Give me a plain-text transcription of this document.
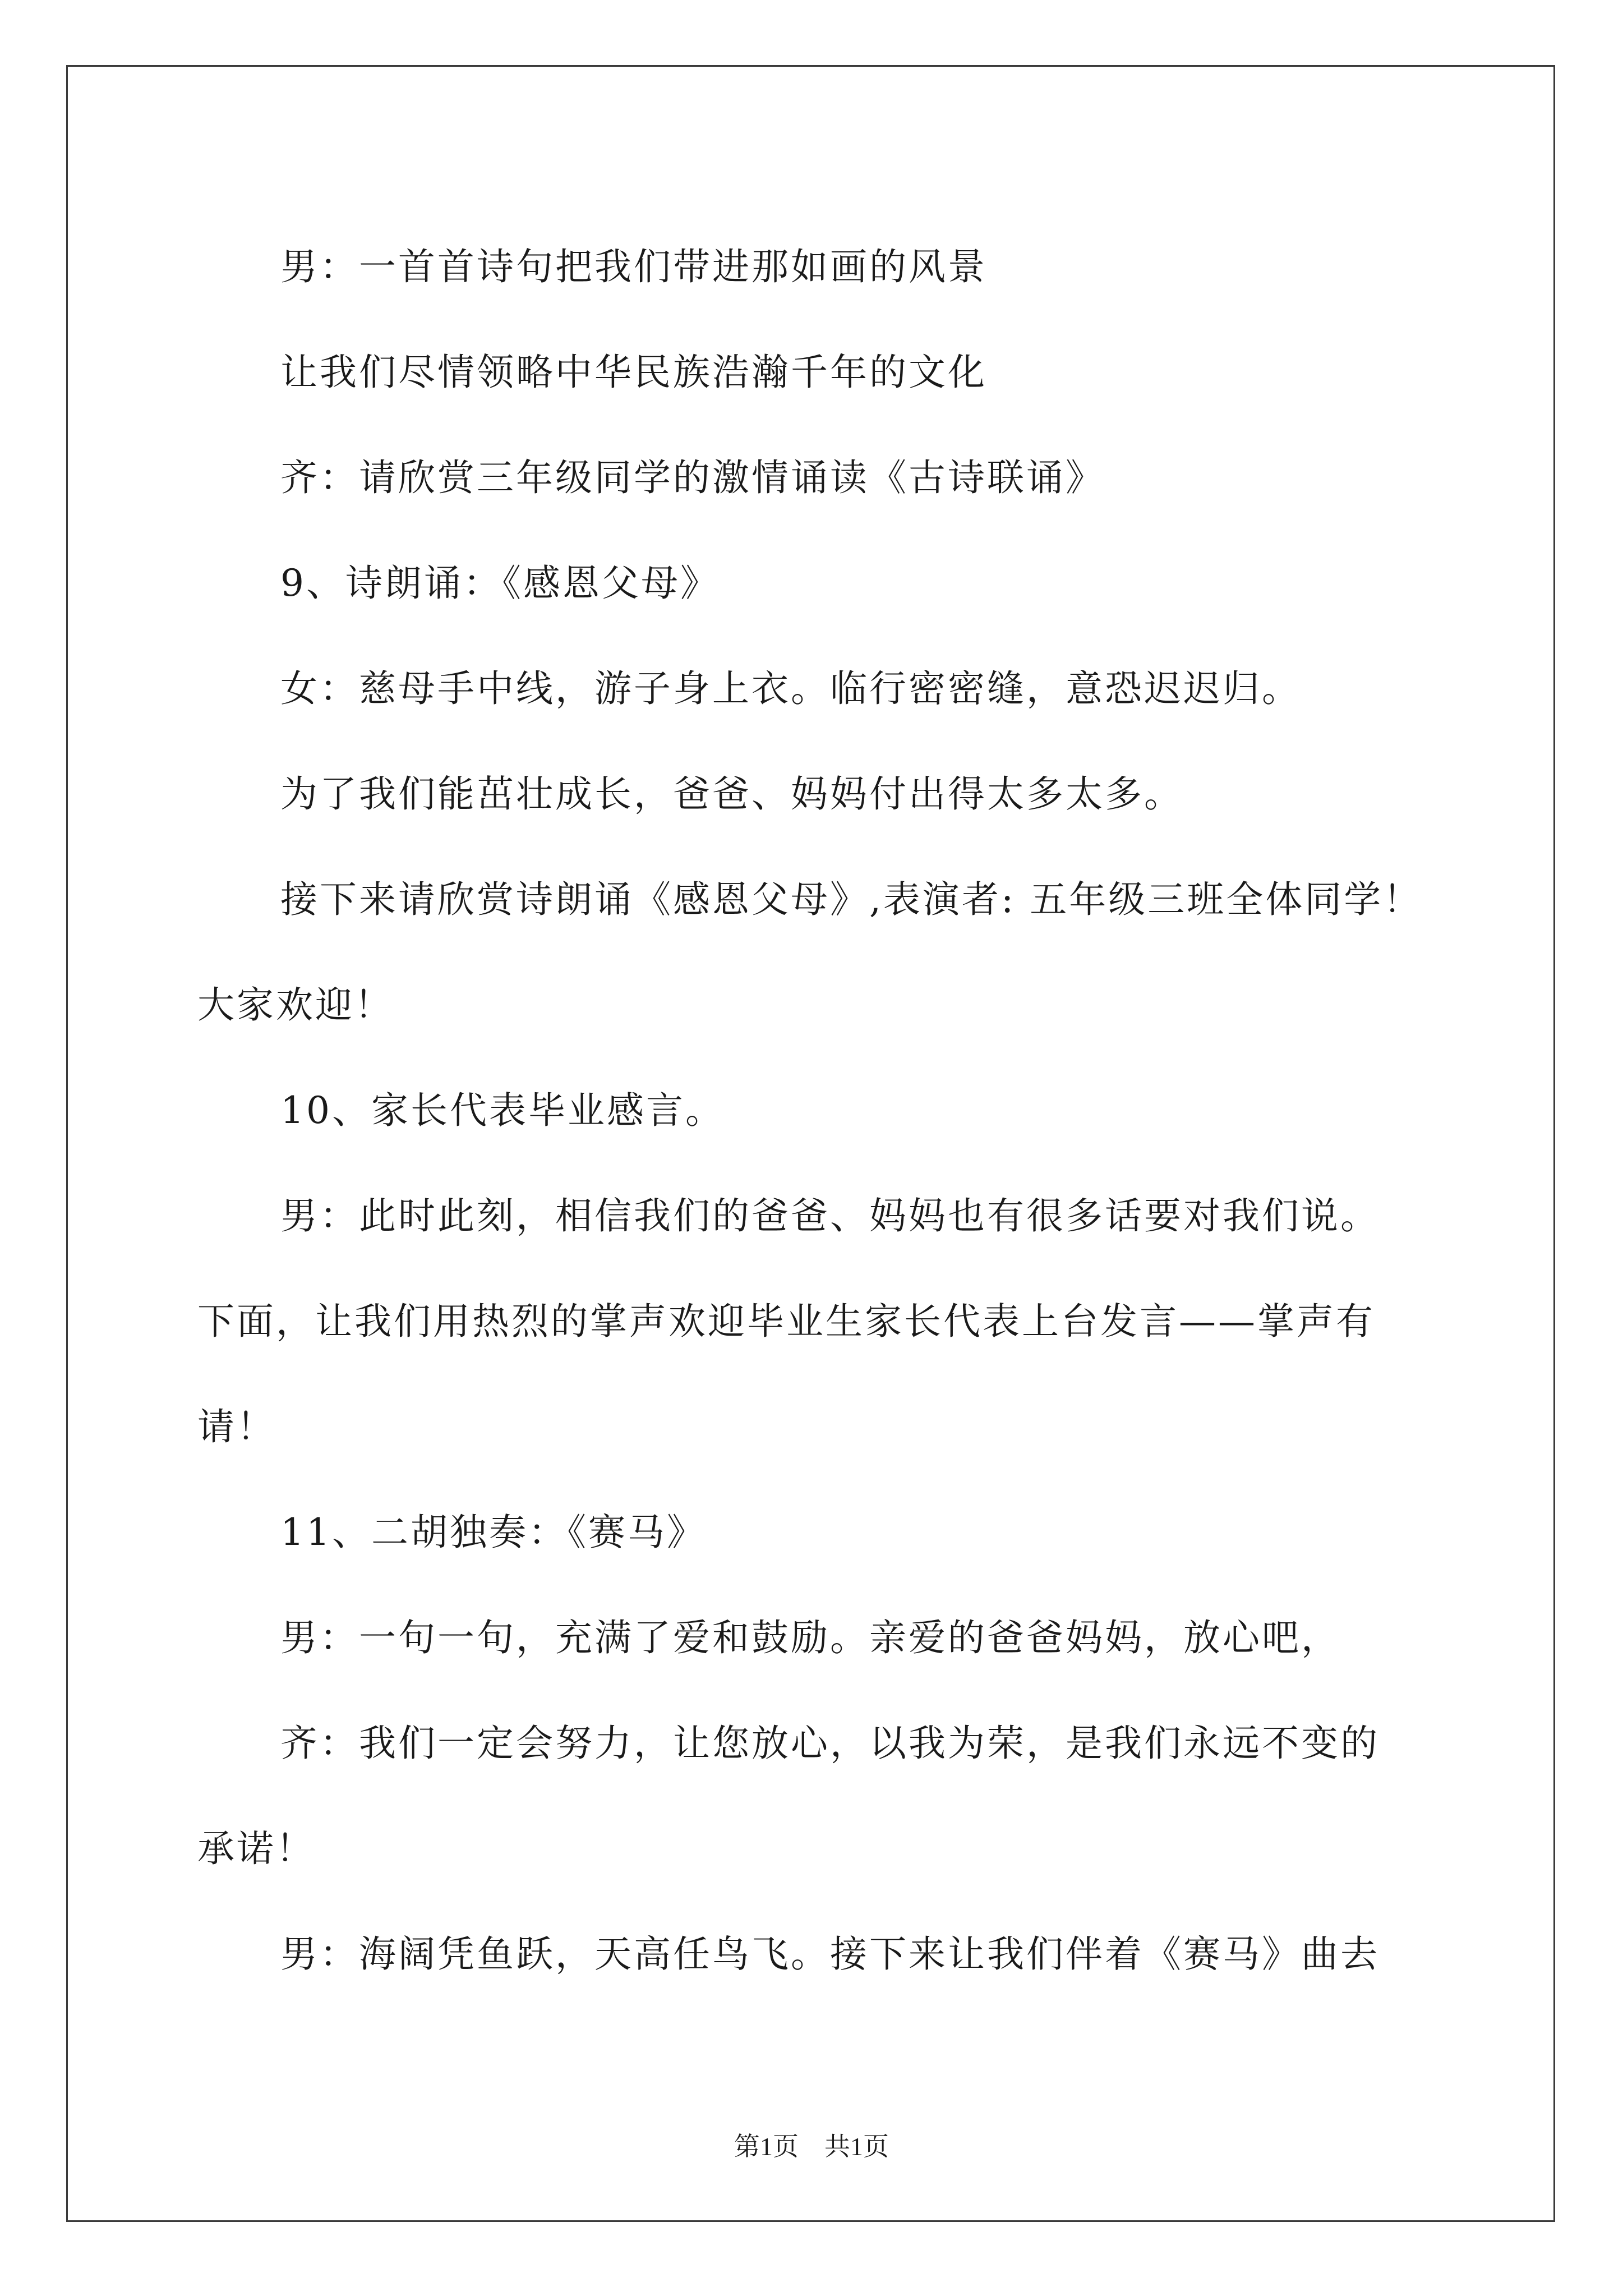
男：一首首诗句把我们带进那如画的风景
让我们尽情领略中华民族浩瀚千年的文化
齐：请欣赏三年级同学的激情诵读《古诗联诵》
9、诗朗诵：《感恩父母》
女：慈母手中线，游子身上衣。临行密密缝，意恐迟迟归。
为了我们能茁壮成长，爸爸、妈妈付出得太多太多。
接下来请欣赏诗朗诵《感恩父母》,表演者: 五年级三班全体同学！
大家欢迎！
10、家长代表毕业感言。
男：此时此刻，相信我们的爸爸、妈妈也有很多话要对我们说。
下面，让我们用热烈的掌声欢迎毕业生家长代表上台发言——掌声有
请！
11、二胡独奏：《赛马》
男：一句一句，充满了爱和鼓励。亲爱的爸爸妈妈，放心吧，
齐：我们一定会努力，让您放心，以我为荣，是我们永远不变的
承诺！
男：海阔凭鱼跃，天高任鸟飞。接下来让我们伴着《赛马》曲去
第1页　共1页
